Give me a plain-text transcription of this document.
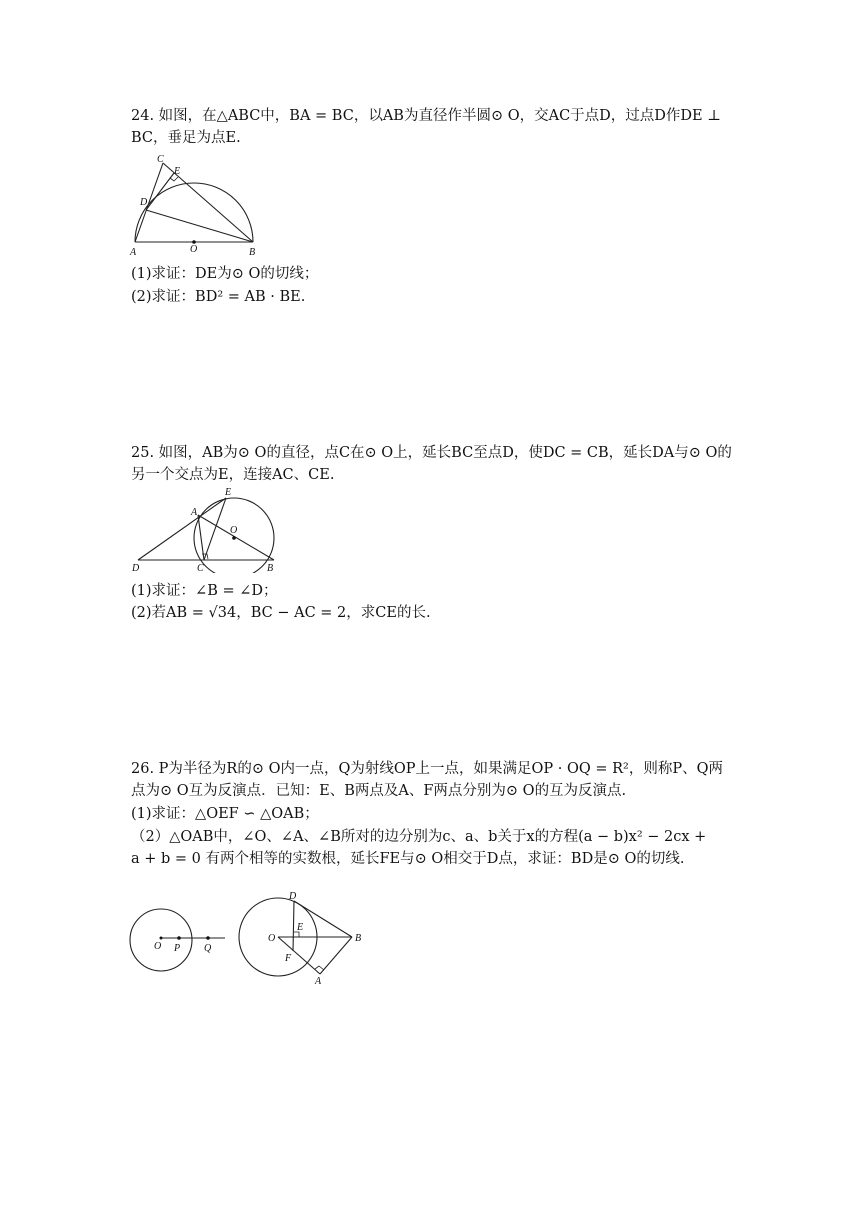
24. 如图，在△ABC中，BA = BC，以AB为直径作半圆⊙ O，交AC于点D，过点D作DE ⊥
BC，垂足为点E.
C
E
D
A	O	B
(1)求证：DE为⊙ O的切线；
(2)求证：BD² = AB · BE.
25. 如图，AB为⊙ O的直径，点C在⊙ O上，延长BC至点D，使DC = CB，延长DA与⊙ O的
另一个交点为E，连接AC、CE.
E
A
O
D	C	B
(1)求证：∠B = ∠D；
(2)若AB = √34，BC − AC = 2，求CE的长.
26. P为半径为R的⊙ O内一点，Q为射线OP上一点，如果满足OP · OQ = R²，则称P、Q两
点为⊙ O互为反演点．已知：E、B两点及A、F两点分别为⊙ O的互为反演点.
(1)求证：△OEF ∽ △OAB；
（2）△OAB中，∠O、∠A、∠B所对的边分别为c、a、b关于x的方程(a − b)x² − 2cx +
a + b = 0 有两个相等的实数根，延长FE与⊙ O相交于D点，求证：BD是⊙ O的切线.
O P Q
D
E
O	B
F
A
